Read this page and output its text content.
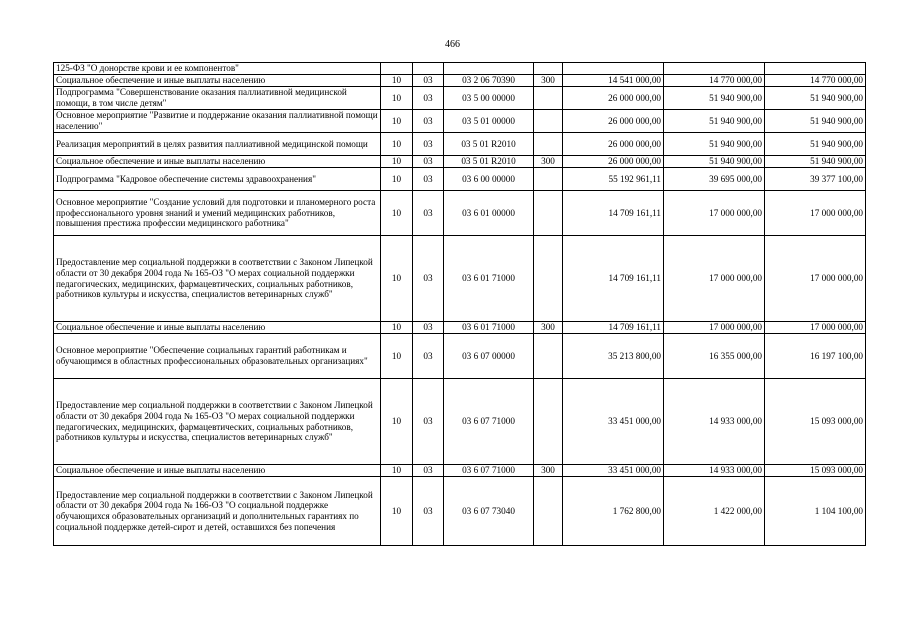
466
125-ФЗ "О донорстве крови и ее компонентов"							
Социальное обеспечение и иные выплаты населению	10	03	03 2 06 70390	300	14 541 000,00	14 770 000,00	14 770 000,00
Подпрограмма "Совершенствование оказания паллиативной медицинской помощи, в том числе детям"	10	03	03 5 00 00000		26 000 000,00	51 940 900,00	51 940 900,00
Основное мероприятие "Развитие и поддержание оказания паллиативной помощи населению"	10	03	03 5 01 00000		26 000 000,00	51 940 900,00	51 940 900,00
Реализация мероприятий в целях развития паллиативной медицинской помощи	10	03	03 5 01 R2010		26 000 000,00	51 940 900,00	51 940 900,00
Социальное обеспечение и иные выплаты населению	10	03	03 5 01 R2010	300	26 000 000,00	51 940 900,00	51 940 900,00
Подпрограмма "Кадровое обеспечение системы здравоохранения"	10	03	03 6 00 00000		55 192 961,11	39 695 000,00	39 377 100,00
Основное мероприятие "Создание условий для подготовки и планомерного роста профессионального уровня знаний и умений медицинских работников, повышения престижа профессии медицинского работника"	10	03	03 6 01 00000		14 709 161,11	17 000 000,00	17 000 000,00
Предоставление мер социальной поддержки в соответствии с Законом Липецкой области от 30 декабря 2004 года № 165-ОЗ "О мерах социальной поддержки педагогических, медицинских, фармацевтических, социальных работников, работников культуры и искусства, специалистов ветеринарных служб"	10	03	03 6 01 71000		14 709 161,11	17 000 000,00	17 000 000,00
Социальное обеспечение и иные выплаты населению	10	03	03 6 01 71000	300	14 709 161,11	17 000 000,00	17 000 000,00
Основное мероприятие "Обеспечение социальных гарантий работникам и обучающимся в областных профессиональных образовательных организациях"	10	03	03 6 07 00000		35 213 800,00	16 355 000,00	16 197 100,00
Предоставление мер социальной поддержки в соответствии с Законом Липецкой области от 30 декабря 2004 года № 165-ОЗ "О мерах социальной поддержки педагогических, медицинских, фармацевтических, социальных работников, работников культуры и искусства, специалистов ветеринарных служб"	10	03	03 6 07 71000		33 451 000,00	14 933 000,00	15 093 000,00
Социальное обеспечение и иные выплаты населению	10	03	03 6 07 71000	300	33 451 000,00	14 933 000,00	15 093 000,00
Предоставление мер социальной поддержки в соответствии с Законом Липецкой области от 30 декабря 2004 года № 166-ОЗ "О социальной поддержке обучающихся образовательных организаций и дополнительных гарантиях по социальной поддержке детей-сирот и детей, оставшихся без попечения	10	03	03 6 07 73040		1 762 800,00	1 422 000,00	1 104 100,00
